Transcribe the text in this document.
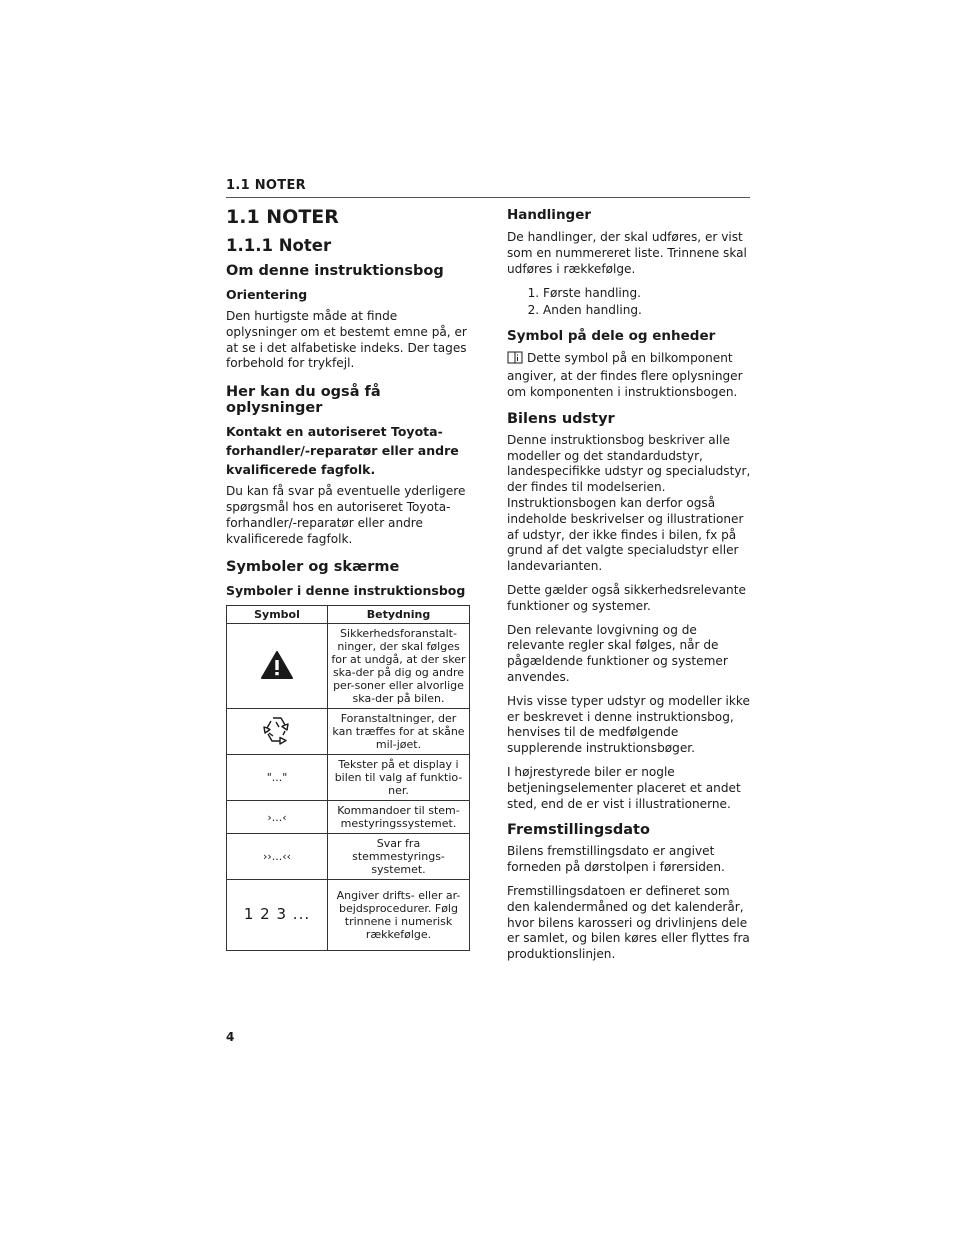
1.1 NOTER
1.1 NOTER
1.1.1 Noter
Om denne instruktionsbog
Orientering

Den hurtigste måde at finde oplysninger om et bestemt emne på, er at se i det alfabetiske indeks. Der tages forbehold for trykfejl.

Her kan du også få oplysninger
Kontakt en autoriseret Toyota-forhandler/-reparatør eller andre kvalificerede fagfolk.

Du kan få svar på eventuelle yderligere spørgsmål hos en autoriseret Toyota-forhandler/-reparatør eller andre kvalificerede fagfolk.

Symboler og skærme
Symboler i denne instruktionsbog
Symbol	Betydning
	Sikkerhedsforanstalt-ninger, der skal følges for at undgå, at der sker ska-der på dig og andre per-soner eller alvorlige ska-der på bilen.
	Foranstaltninger, der kan træffes for at skåne mil-jøet.
"..."	Tekster på et display i bilen til valg af funktio-ner.
›...‹	Kommandoer til stem-mestyringssystemet.
››...‹‹	Svar fra stemmestyrings-systemet.
1 2 3 ...	Angiver drifts- eller ar-bejdsprocedurer. Følg trinnene i numerisk rækkefølge.
Handlinger

De handlinger, der skal udføres, er vist som en nummereret liste. Trinnene skal udføres i rækkefølge.

1. Første handling.
2. Anden handling.
Symbol på dele og enheder

Dette symbol på en bilkomponent angiver, at der findes flere oplysninger om komponenten i instruktionsbogen.

Bilens udstyr

Denne instruktionsbog beskriver alle modeller og det standardudstyr, landespecifikke udstyr og specialudstyr, der findes til modelserien. Instruktionsbogen kan derfor også indeholde beskrivelser og illustrationer af udstyr, der ikke findes i bilen, fx på grund af det valgte specialudstyr eller landevarianten.

Dette gælder også sikkerhedsrelevante funktioner og systemer.

Den relevante lovgivning og de relevante regler skal følges, når de pågældende funktioner og systemer anvendes.

Hvis visse typer udstyr og modeller ikke er beskrevet i denne instruktionsbog, henvises til de medfølgende supplerende instruktionsbøger.

I højrestyrede biler er nogle betjeningselementer placeret et andet sted, end de er vist i illustrationerne.

Fremstillingsdato

Bilens fremstillingsdato er angivet forneden på dørstolpen i førersiden.

Fremstillingsdatoen er defineret som den kalendermåned og det kalenderår, hvor bilens karosseri og drivlinjens dele er samlet, og bilen køres eller flyttes fra produktionslinjen.

4
